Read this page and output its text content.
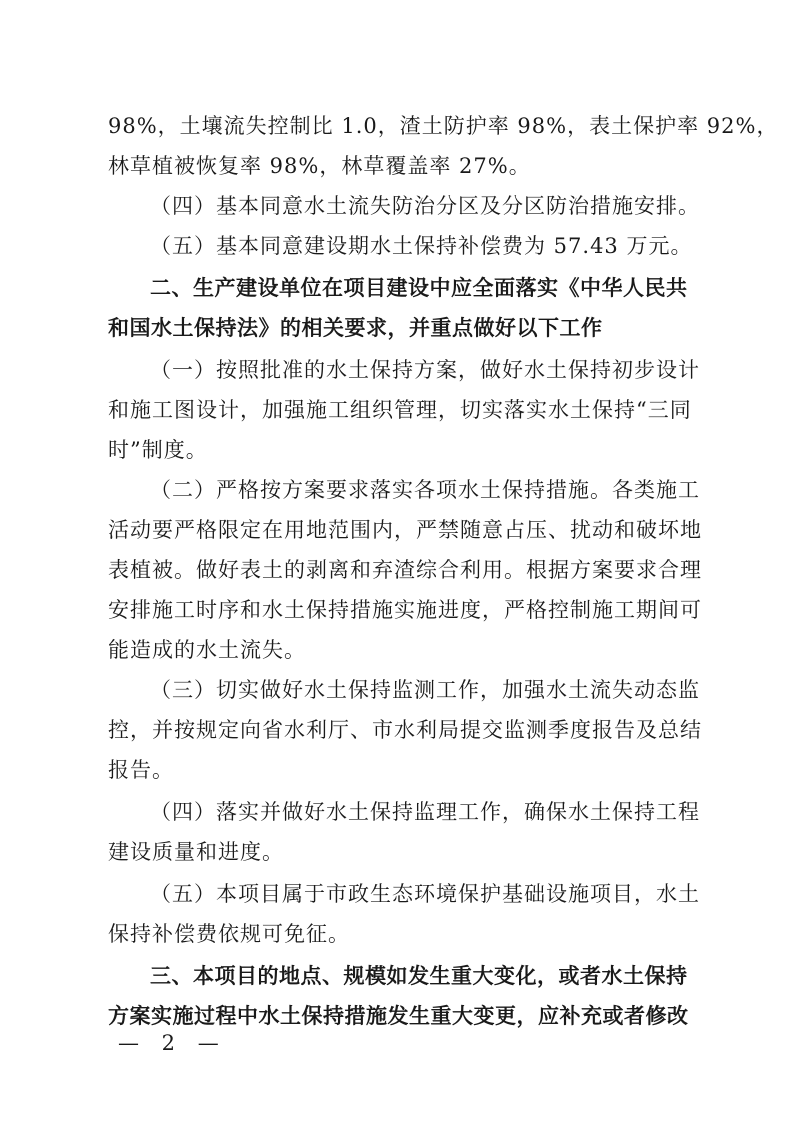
98%，土壤流失控制比 1.0，渣土防护率 98%，表土保护率 92%，
林草植被恢复率 98%，林草覆盖率 27%。
（四）基本同意水土流失防治分区及分区防治措施安排。
（五）基本同意建设期水土保持补偿费为 57.43 万元。
二、生产建设单位在项目建设中应全面落实《中华人民共
和国水土保持法》的相关要求，并重点做好以下工作
（一）按照批准的水土保持方案，做好水土保持初步设计
和施工图设计，加强施工组织管理，切实落实水土保持“三同
时”制度。
（二）严格按方案要求落实各项水土保持措施。各类施工
活动要严格限定在用地范围内，严禁随意占压、扰动和破坏地
表植被。做好表土的剥离和弃渣综合利用。根据方案要求合理
安排施工时序和水土保持措施实施进度，严格控制施工期间可
能造成的水土流失。
（三）切实做好水土保持监测工作，加强水土流失动态监
控，并按规定向省水利厅、市水利局提交监测季度报告及总结
报告。
（四）落实并做好水土保持监理工作，确保水土保持工程
建设质量和进度。
（五）本项目属于市政生态环境保护基础设施项目，水土
保持补偿费依规可免征。
三、本项目的地点、规模如发生重大变化，或者水土保持
方案实施过程中水土保持措施发生重大变更，应补充或者修改
— 2 —
